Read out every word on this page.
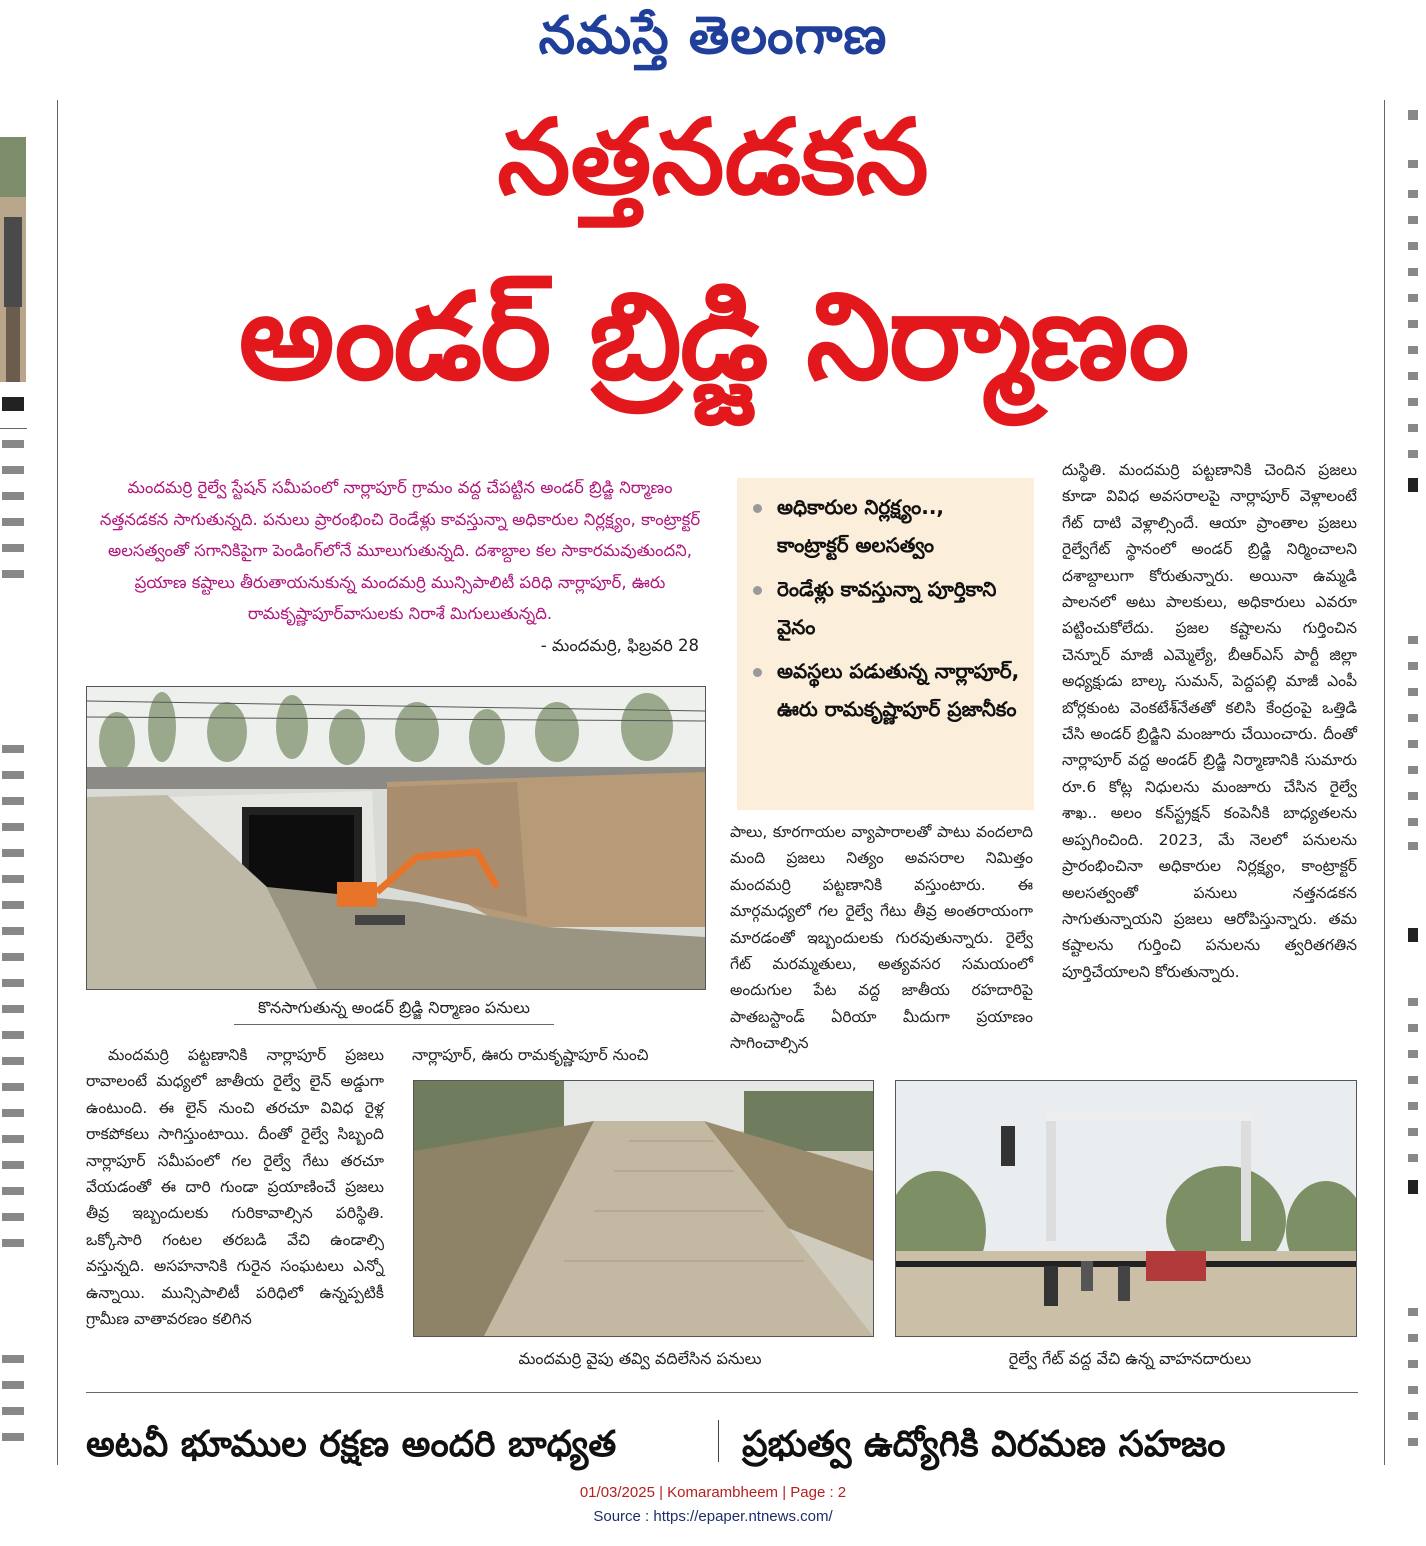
నమస్తే తెలంగాణ
నత్తనడకన
అండర్ బ్రిడ్జి నిర్మాణం

మందమర్రి రైల్వే స్టేషన్ సమీపంలో నార్లాపూర్ గ్రామం వద్ద చేపట్టిన అండర్ బ్రిడ్జి నిర్మాణం నత్తనడకన సాగుతున్నది. పనులు ప్రారంభించి రెండేళ్లు కావస్తున్నా అధికారుల నిర్లక్ష్యం, కాంట్రాక్టర్ అలసత్వంతో సగానికిపైగా పెండింగ్‌లోనే మూలుగుతున్నది. దశాబ్దాల కల సాకారమవుతుందని, ప్రయాణ కష్టాలు తీరుతాయనుకున్న మందమర్రి మున్సిపాలిటీ పరిధి నార్లాపూర్, ఊరు రామకృష్ణాపూర్‌వాసులకు నిరాశే మిగులుతున్నది.

- మందమర్రి, ఫిబ్రవరి 28

అధికారుల నిర్లక్ష్యం.., కాంట్రాక్టర్ అలసత్వం
రెండేళ్లు కావస్తున్నా పూర్తికాని వైనం
అవస్థలు పడుతున్న నార్లాపూర్, ఊరు రామకృష్ణాపూర్ ప్రజానీకం
కొనసాగుతున్న అండర్ బ్రిడ్జి నిర్మాణం పనులు

పాలు, కూరగాయల వ్యాపారాలతో పాటు వందలాది మంది ప్రజలు నిత్యం అవసరాల నిమిత్తం మందమర్రి పట్టణానికి వస్తుంటారు. ఈ మార్గమధ్యలో గల రైల్వే గేటు తీవ్ర అంతరాయంగా మారడంతో ఇబ్బందులకు గురవుతున్నారు. రైల్వే గేట్ మరమ్మతులు, అత్యవసర సమయంలో అందుగుల పేట వద్ద జాతీయ రహదారిపై పాతబస్టాండ్ ఏరియా మీదుగా ప్రయాణం సాగించాల్సిన

దుస్థితి. మందమర్రి పట్టణానికి చెందిన ప్రజలు కూడా వివిధ అవసరాలపై నార్లాపూర్ వెళ్లాలంటే గేట్ దాటి వెళ్లాల్సిందే. ఆయా ప్రాంతాల ప్రజలు రైల్వేగేట్ స్థానంలో అండర్ బ్రిడ్జి నిర్మించాలని దశాబ్దాలుగా కోరుతున్నారు. అయినా ఉమ్మడి పాలనలో అటు పాలకులు, అధికారులు ఎవరూ పట్టించుకోలేదు. ప్రజల కష్టాలను గుర్తించిన చెన్నూర్ మాజీ ఎమ్మెల్యే, బీఆర్‌ఎస్ పార్టీ జిల్లా అధ్యక్షుడు బాల్క సుమన్, పెద్దపల్లి మాజీ ఎంపీ బోర్లకుంట వెంకటేశ్‌నేతతో కలిసి కేంద్రంపై ఒత్తిడి చేసి అండర్ బ్రిడ్జిని మంజూరు చేయించారు. దీంతో నార్లాపూర్ వద్ద అండర్ బ్రిడ్జి నిర్మాణానికి సుమారు రూ.6 కోట్ల నిధులను మంజూరు చేసిన రైల్వే శాఖ.. అలం కన్‌స్ట్రక్షన్ కంపెనీకి బాధ్యతలను అప్పగించింది. 2023, మే నెలలో పనులను ప్రారంభించినా అధికారుల నిర్లక్ష్యం, కాంట్రాక్టర్ అలసత్వంతో పనులు నత్తనడకన సాగుతున్నాయని ప్రజలు ఆరోపిస్తున్నారు. తమ కష్టాలను గుర్తించి పనులను త్వరితగతిన పూర్తిచేయాలని కోరుతున్నారు.

మందమర్రి పట్టణానికి నార్లాపూర్ ప్రజలు రావాలంటే మధ్యలో జాతీయ రైల్వే లైన్ అడ్డుగా ఉంటుంది. ఈ లైన్ నుంచి తరచూ వివిధ రైళ్ల రాకపోకలు సాగిస్తుంటాయి. దీంతో రైల్వే సిబ్బంది నార్లాపూర్ సమీపంలో గల రైల్వే గేటు తరచూ వేయడంతో ఈ దారి గుండా ప్రయాణించే ప్రజలు తీవ్ర ఇబ్బందులకు గురికావాల్సిన పరిస్థితి. ఒక్కోసారి గంటల తరబడి వేచి ఉండాల్సి వస్తున్నది. అసహనానికి గురైన సంఘటలు ఎన్నో ఉన్నాయి. మున్సిపాలిటీ పరిధిలో ఉన్నప్పటికీ గ్రామీణ వాతావరణం కలిగిన

నార్లాపూర్, ఊరు రామకృష్ణాపూర్ నుంచి

మందమర్రి వైపు తవ్వి వదిలేసిన పనులు	రైల్వే గేట్ వద్ద వేచి ఉన్న వాహనదారులు
అటవీ భూముల రక్షణ అందరి బాధ్యత	ప్రభుత్వ ఉద్యోగికి విరమణ సహజం
01/03/2025 | Komarambheem | Page : 2
Source : https://epaper.ntnews.com/
